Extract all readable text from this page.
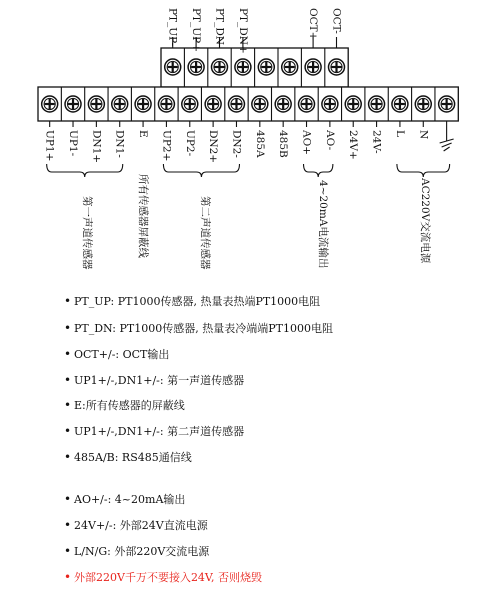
PT_UP- PT_UP+ PT_DN- PT_DN+	OCT+ OCT-
UP1+ UP1- DN1+ DN1- E UP2+ UP2- DN2+ DN2- 485A 485B AO+ AO- 24V+ 24V- L N
第一声道传感器	所有传感器屏蔽线	第二声道传感器	4~20mA电流输出	AC220V交流电源
• PT_UP: PT1000传感器, 热量表热端PT1000电阻
• PT_DN: PT1000传感器, 热量表冷端端PT1000电阻
• OCT+/-: OCT输出
• UP1+/-,DN1+/-: 第一声道传感器
• E:所有传感器的屏蔽线
• UP1+/-,DN1+/-: 第二声道传感器
• 485A/B: RS485通信线
• AO+/-: 4~20mA输出
• 24V+/-: 外部24V直流电源
• L/N/G: 外部220V交流电源
• 外部220V千万不要接入24V, 否则烧毁
